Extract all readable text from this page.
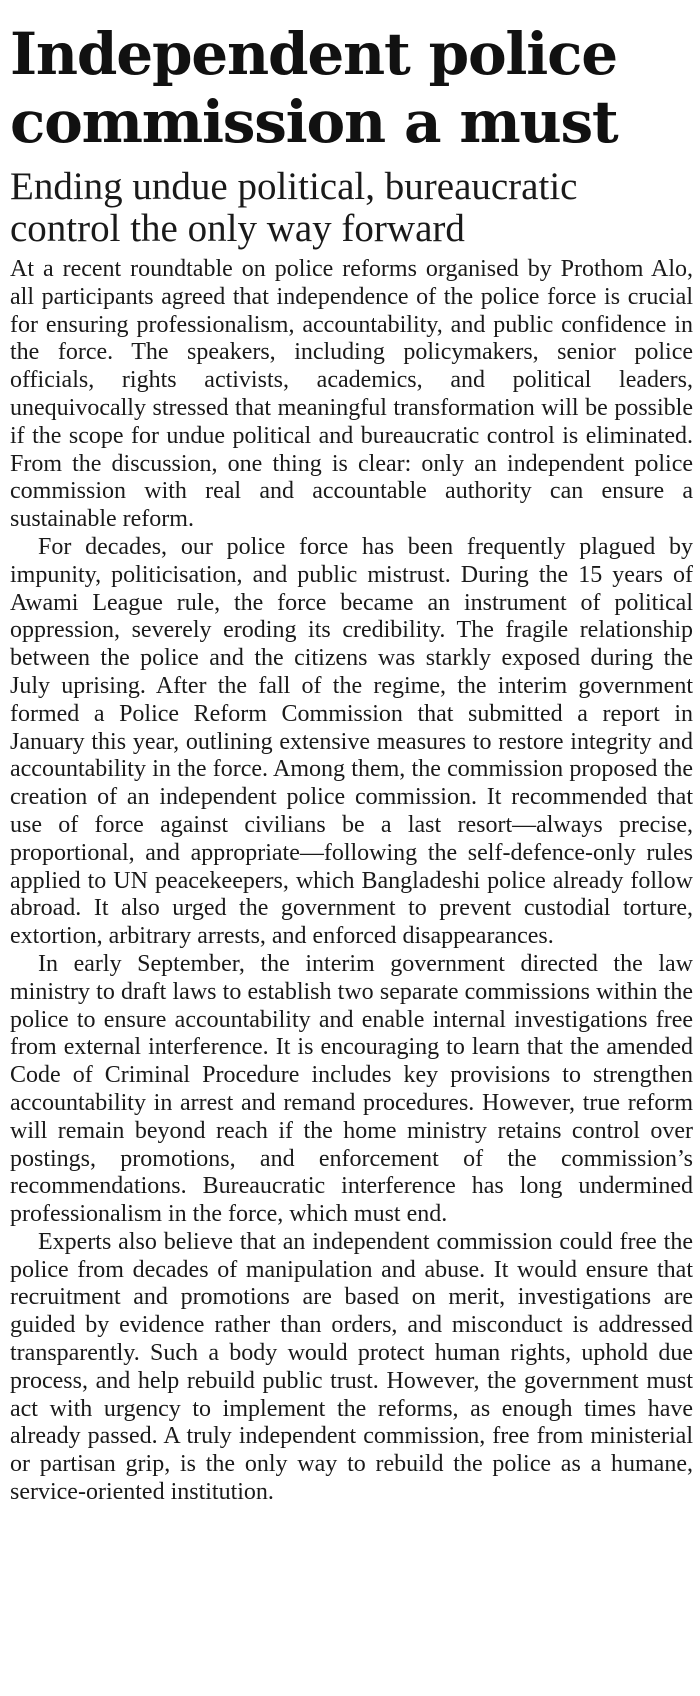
Independent police commission a must
Ending undue political, bureaucratic control the only way forward

At a recent roundtable on police reforms organised by Prothom Alo, all participants agreed that independence of the police force is crucial for ensuring professionalism, accountability, and public confidence in the force. The speakers, including policymakers, senior police officials, rights activists, academics, and political leaders, unequivocally stressed that meaningful transformation will be possible if the scope for undue political and bureaucratic control is eliminated. From the discussion, one thing is clear: only an independent police commission with real and accountable authority can ensure a sustainable reform.

For decades, our police force has been frequently plagued by impunity, politicisation, and public mistrust. During the 15 years of Awami League rule, the force became an instrument of political oppression, severely eroding its credibility. The fragile relationship between the police and the citizens was starkly exposed during the July uprising. After the fall of the regime, the interim government formed a Police Reform Commission that submitted a report in January this year, outlining extensive measures to restore integrity and accountability in the force. Among them, the commission proposed the creation of an independent police commission. It recommended that use of force against civilians be a last resort—always precise, proportional, and appropriate—following the self-defence-only rules applied to UN peacekeepers, which Bangladeshi police already follow abroad. It also urged the government to prevent custodial torture, extortion, arbitrary arrests, and enforced disappearances.

In early September, the interim government directed the law ministry to draft laws to establish two separate commissions within the police to ensure accountability and enable internal investigations free from external interference. It is encouraging to learn that the amended Code of Criminal Procedure includes key provisions to strengthen accountability in arrest and remand procedures. However, true reform will remain beyond reach if the home ministry retains control over postings, promotions, and enforcement of the commission’s recommendations. Bureaucratic interference has long undermined professionalism in the force, which must end.

Experts also believe that an independent commission could free the police from decades of manipulation and abuse. It would ensure that recruitment and promotions are based on merit, investigations are guided by evidence rather than orders, and misconduct is addressed transparently. Such a body would protect human rights, uphold due process, and help rebuild public trust. However, the government must act with urgency to implement the reforms, as enough times have already passed. A truly independent commission, free from ministerial or partisan grip, is the only way to rebuild the police as a humane, service-oriented institution.
